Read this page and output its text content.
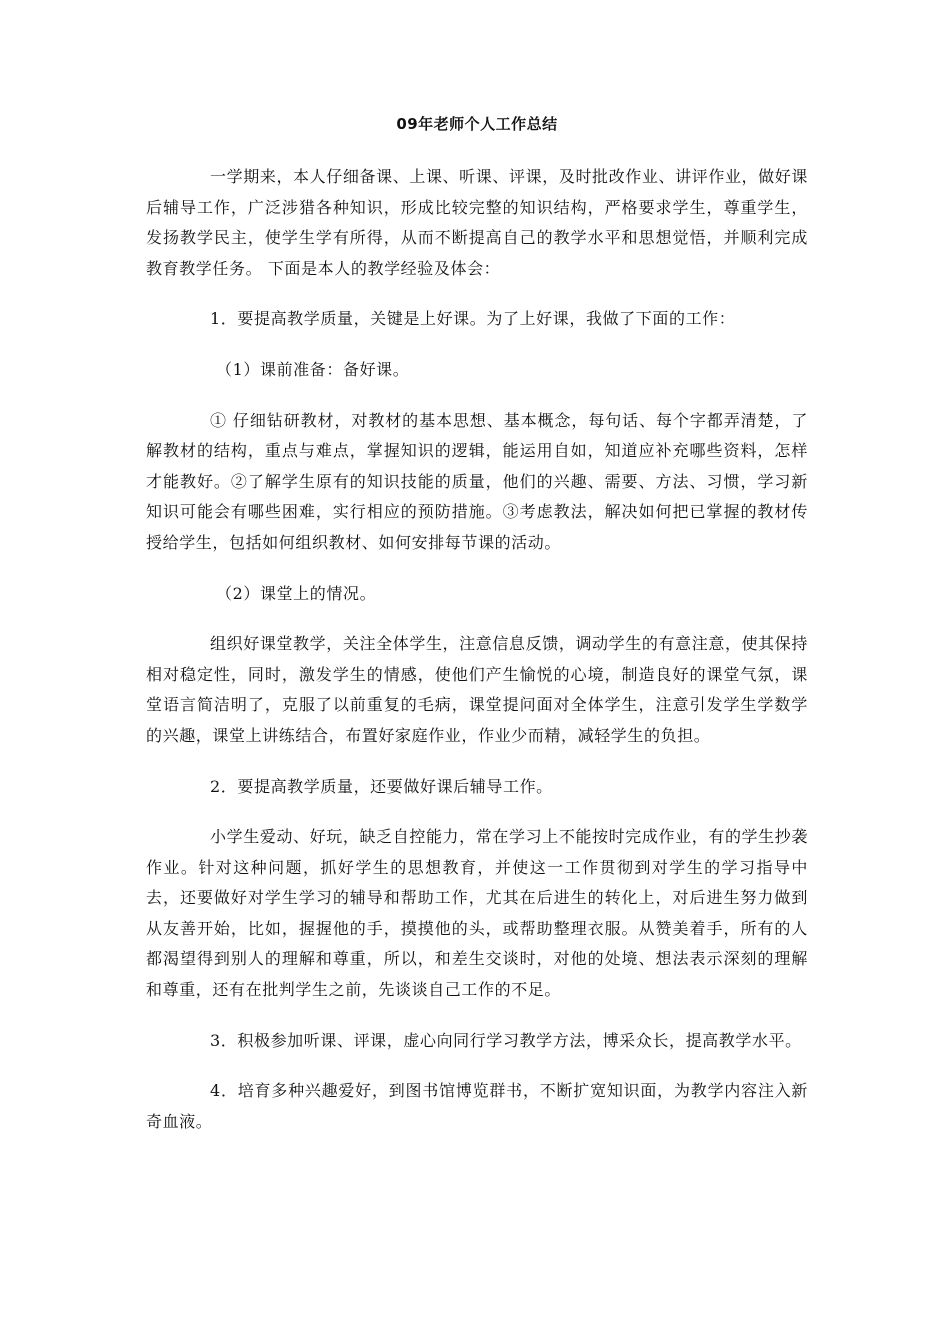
09年老师个人工作总结

一学期来，本人仔细备课、上课、听课、评课，及时批改作业、讲评作业，做好课后辅导工作，广泛涉猎各种知识，形成比较完整的知识结构，严格要求学生，尊重学生，发扬教学民主，使学生学有所得，从而不断提高自己的教学水平和思想觉悟，并顺利完成教育教学任务。 下面是本人的教学经验及体会：

1．要提高教学质量，关键是上好课。为了上好课，我做了下面的工作：

（1）课前准备：备好课。

① 仔细钻研教材，对教材的基本思想、基本概念，每句话、每个字都弄清楚，了解教材的结构，重点与难点，掌握知识的逻辑，能运用自如，知道应补充哪些资料，怎样才能教好。②了解学生原有的知识技能的质量，他们的兴趣、需要、方法、习惯，学习新知识可能会有哪些困难，实行相应的预防措施。③考虑教法，解决如何把已掌握的教材传授给学生，包括如何组织教材、如何安排每节课的活动。

（2）课堂上的情况。

组织好课堂教学，关注全体学生，注意信息反馈，调动学生的有意注意，使其保持相对稳定性，同时，激发学生的情感，使他们产生愉悦的心境，制造良好的课堂气氛，课堂语言简洁明了，克服了以前重复的毛病，课堂提问面对全体学生，注意引发学生学数学的兴趣，课堂上讲练结合，布置好家庭作业，作业少而精，减轻学生的负担。

2．要提高教学质量，还要做好课后辅导工作。

小学生爱动、好玩，缺乏自控能力，常在学习上不能按时完成作业，有的学生抄袭作业。针对这种问题，抓好学生的思想教育，并使这一工作贯彻到对学生的学习指导中去，还要做好对学生学习的辅导和帮助工作，尤其在后进生的转化上，对后进生努力做到从友善开始，比如，握握他的手，摸摸他的头，或帮助整理衣服。从赞美着手，所有的人都渴望得到别人的理解和尊重，所以，和差生交谈时，对他的处境、想法表示深刻的理解和尊重，还有在批判学生之前，先谈谈自己工作的不足。

3．积极参加听课、评课，虚心向同行学习教学方法，博采众长，提高教学水平。

4．培育多种兴趣爱好，到图书馆博览群书，不断扩宽知识面，为教学内容注入新奇血液。
